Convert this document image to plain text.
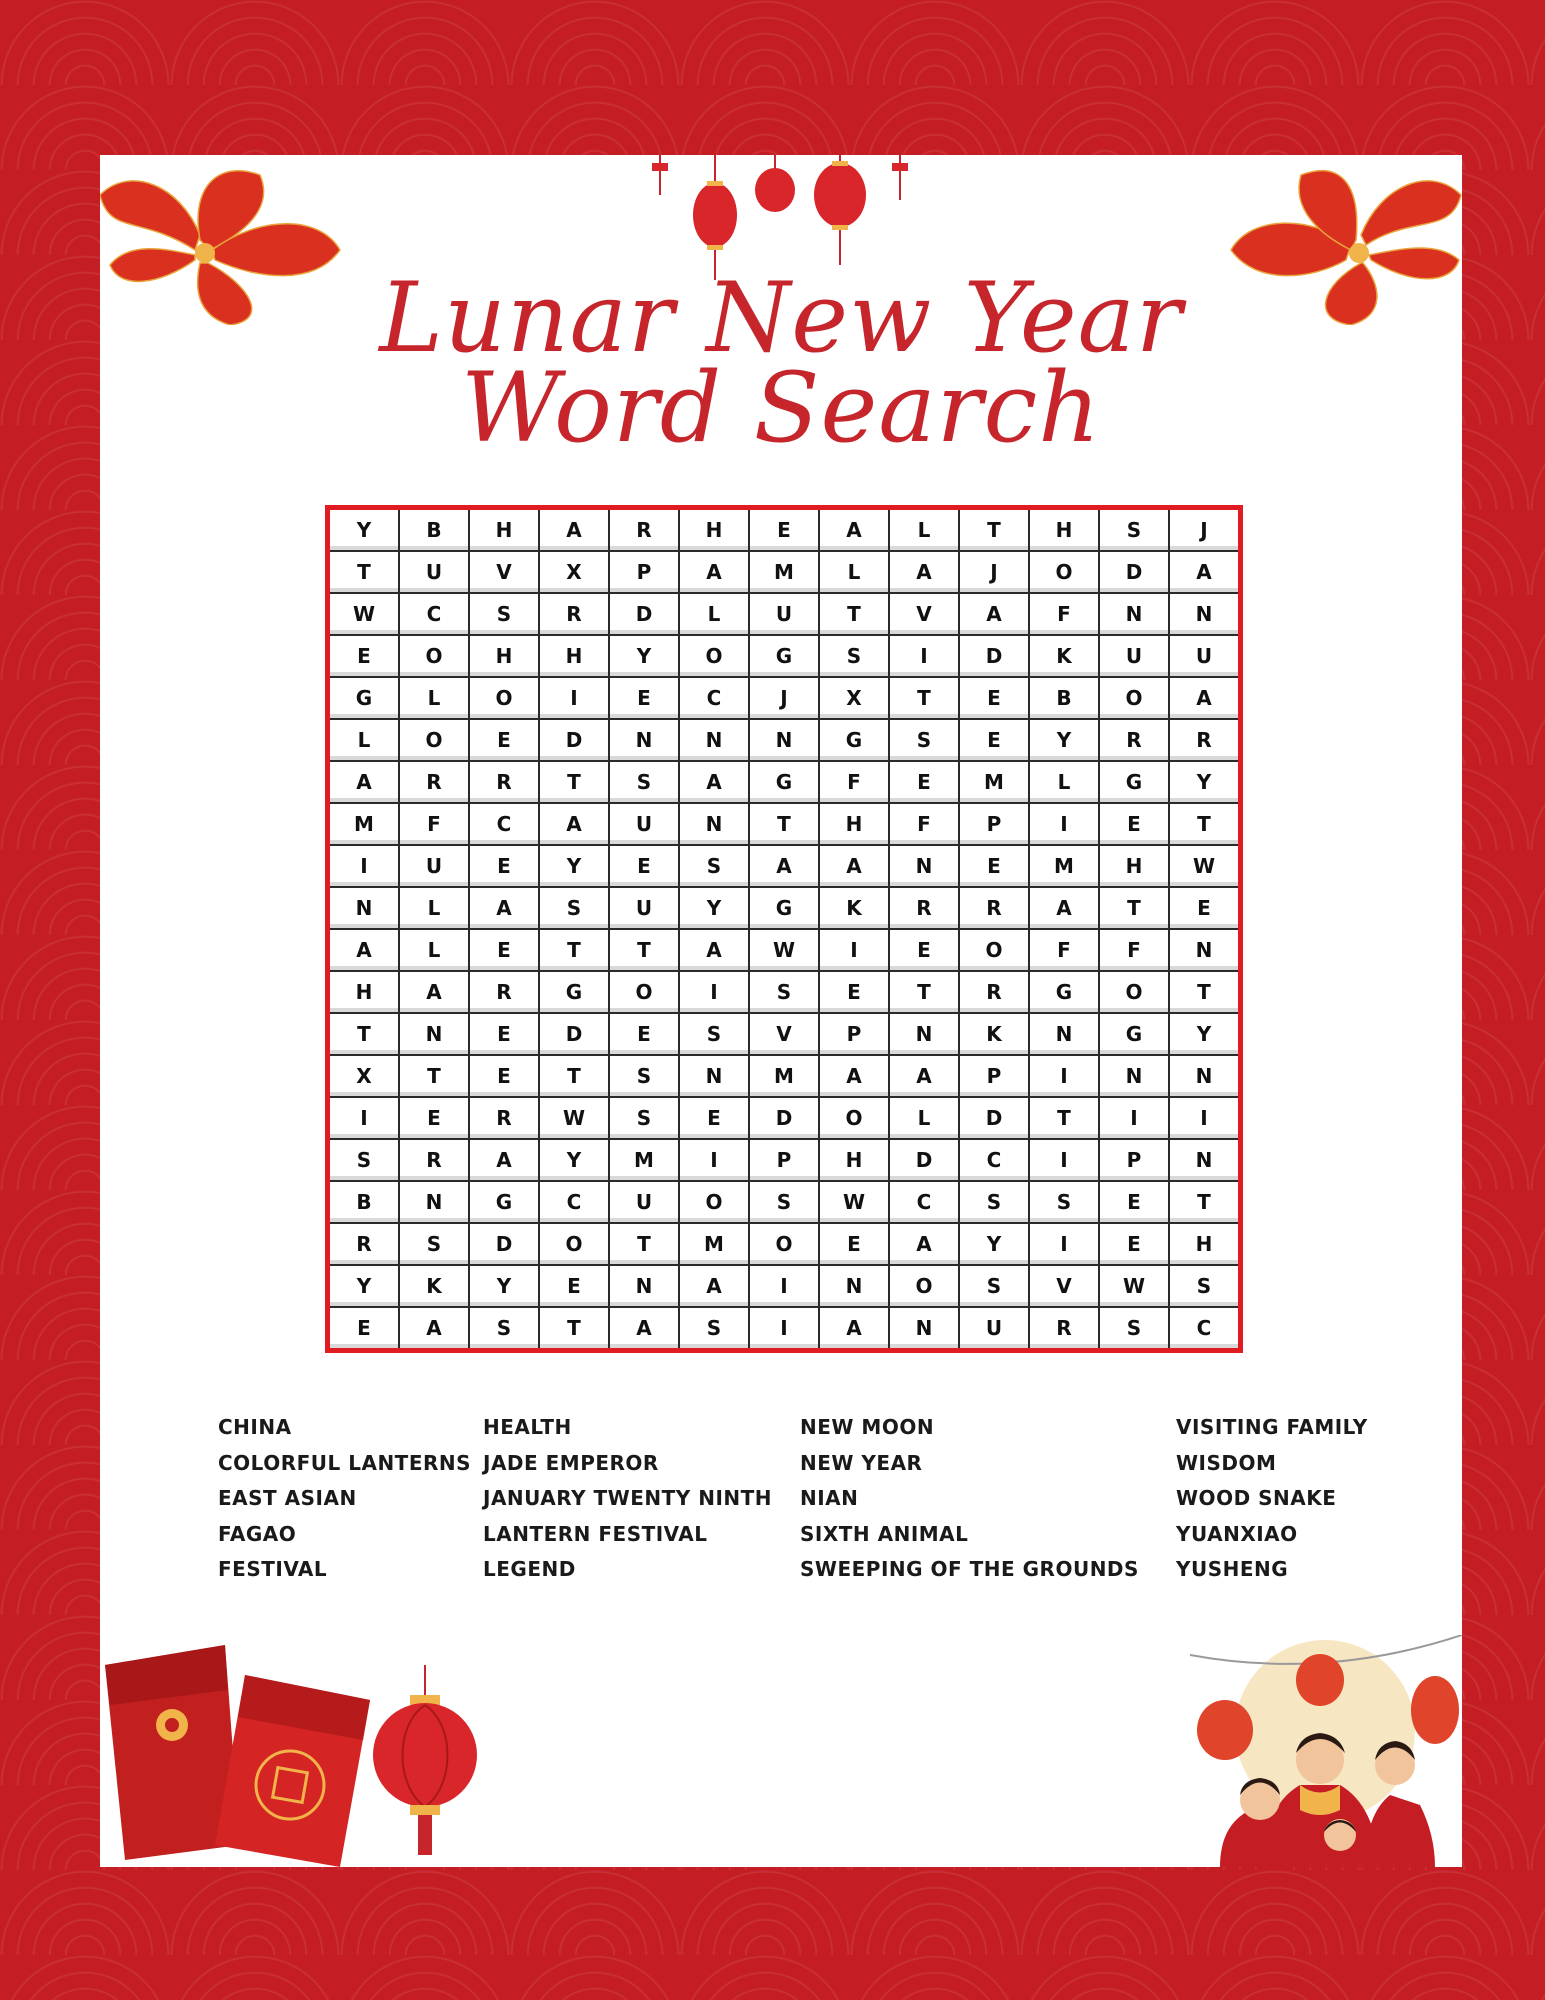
Lunar New Year
Word Search
Y	B	H	A	R	H	E	A	L	T	H	S	J
T	U	V	X	P	A	M	L	A	J	O	D	A
W	C	S	R	D	L	U	T	V	A	F	N	N
E	O	H	H	Y	O	G	S	I	D	K	U	U
G	L	O	I	E	C	J	X	T	E	B	O	A
L	O	E	D	N	N	N	G	S	E	Y	R	R
A	R	R	T	S	A	G	F	E	M	L	G	Y
M	F	C	A	U	N	T	H	F	P	I	E	T
I	U	E	Y	E	S	A	A	N	E	M	H	W
N	L	A	S	U	Y	G	K	R	R	A	T	E
A	L	E	T	T	A	W	I	E	O	F	F	N
H	A	R	G	O	I	S	E	T	R	G	O	T
T	N	E	D	E	S	V	P	N	K	N	G	Y
X	T	E	T	S	N	M	A	A	P	I	N	N
I	E	R	W	S	E	D	O	L	D	T	I	I
S	R	A	Y	M	I	P	H	D	C	I	P	N
B	N	G	C	U	O	S	W	C	S	S	E	T
R	S	D	O	T	M	O	E	A	Y	I	E	H
Y	K	Y	E	N	A	I	N	O	S	V	W	S
E	A	S	T	A	S	I	A	N	U	R	S	C
CHINA
COLORFUL LANTERNS
EAST ASIAN
FAGAO
FESTIVAL
HEALTH
JADE EMPEROR
JANUARY TWENTY NINTH
LANTERN FESTIVAL
LEGEND
NEW MOON
NEW YEAR
NIAN
SIXTH ANIMAL
SWEEPING OF THE GROUNDS
VISITING FAMILY
WISDOM
WOOD SNAKE
YUANXIAO
YUSHENG
